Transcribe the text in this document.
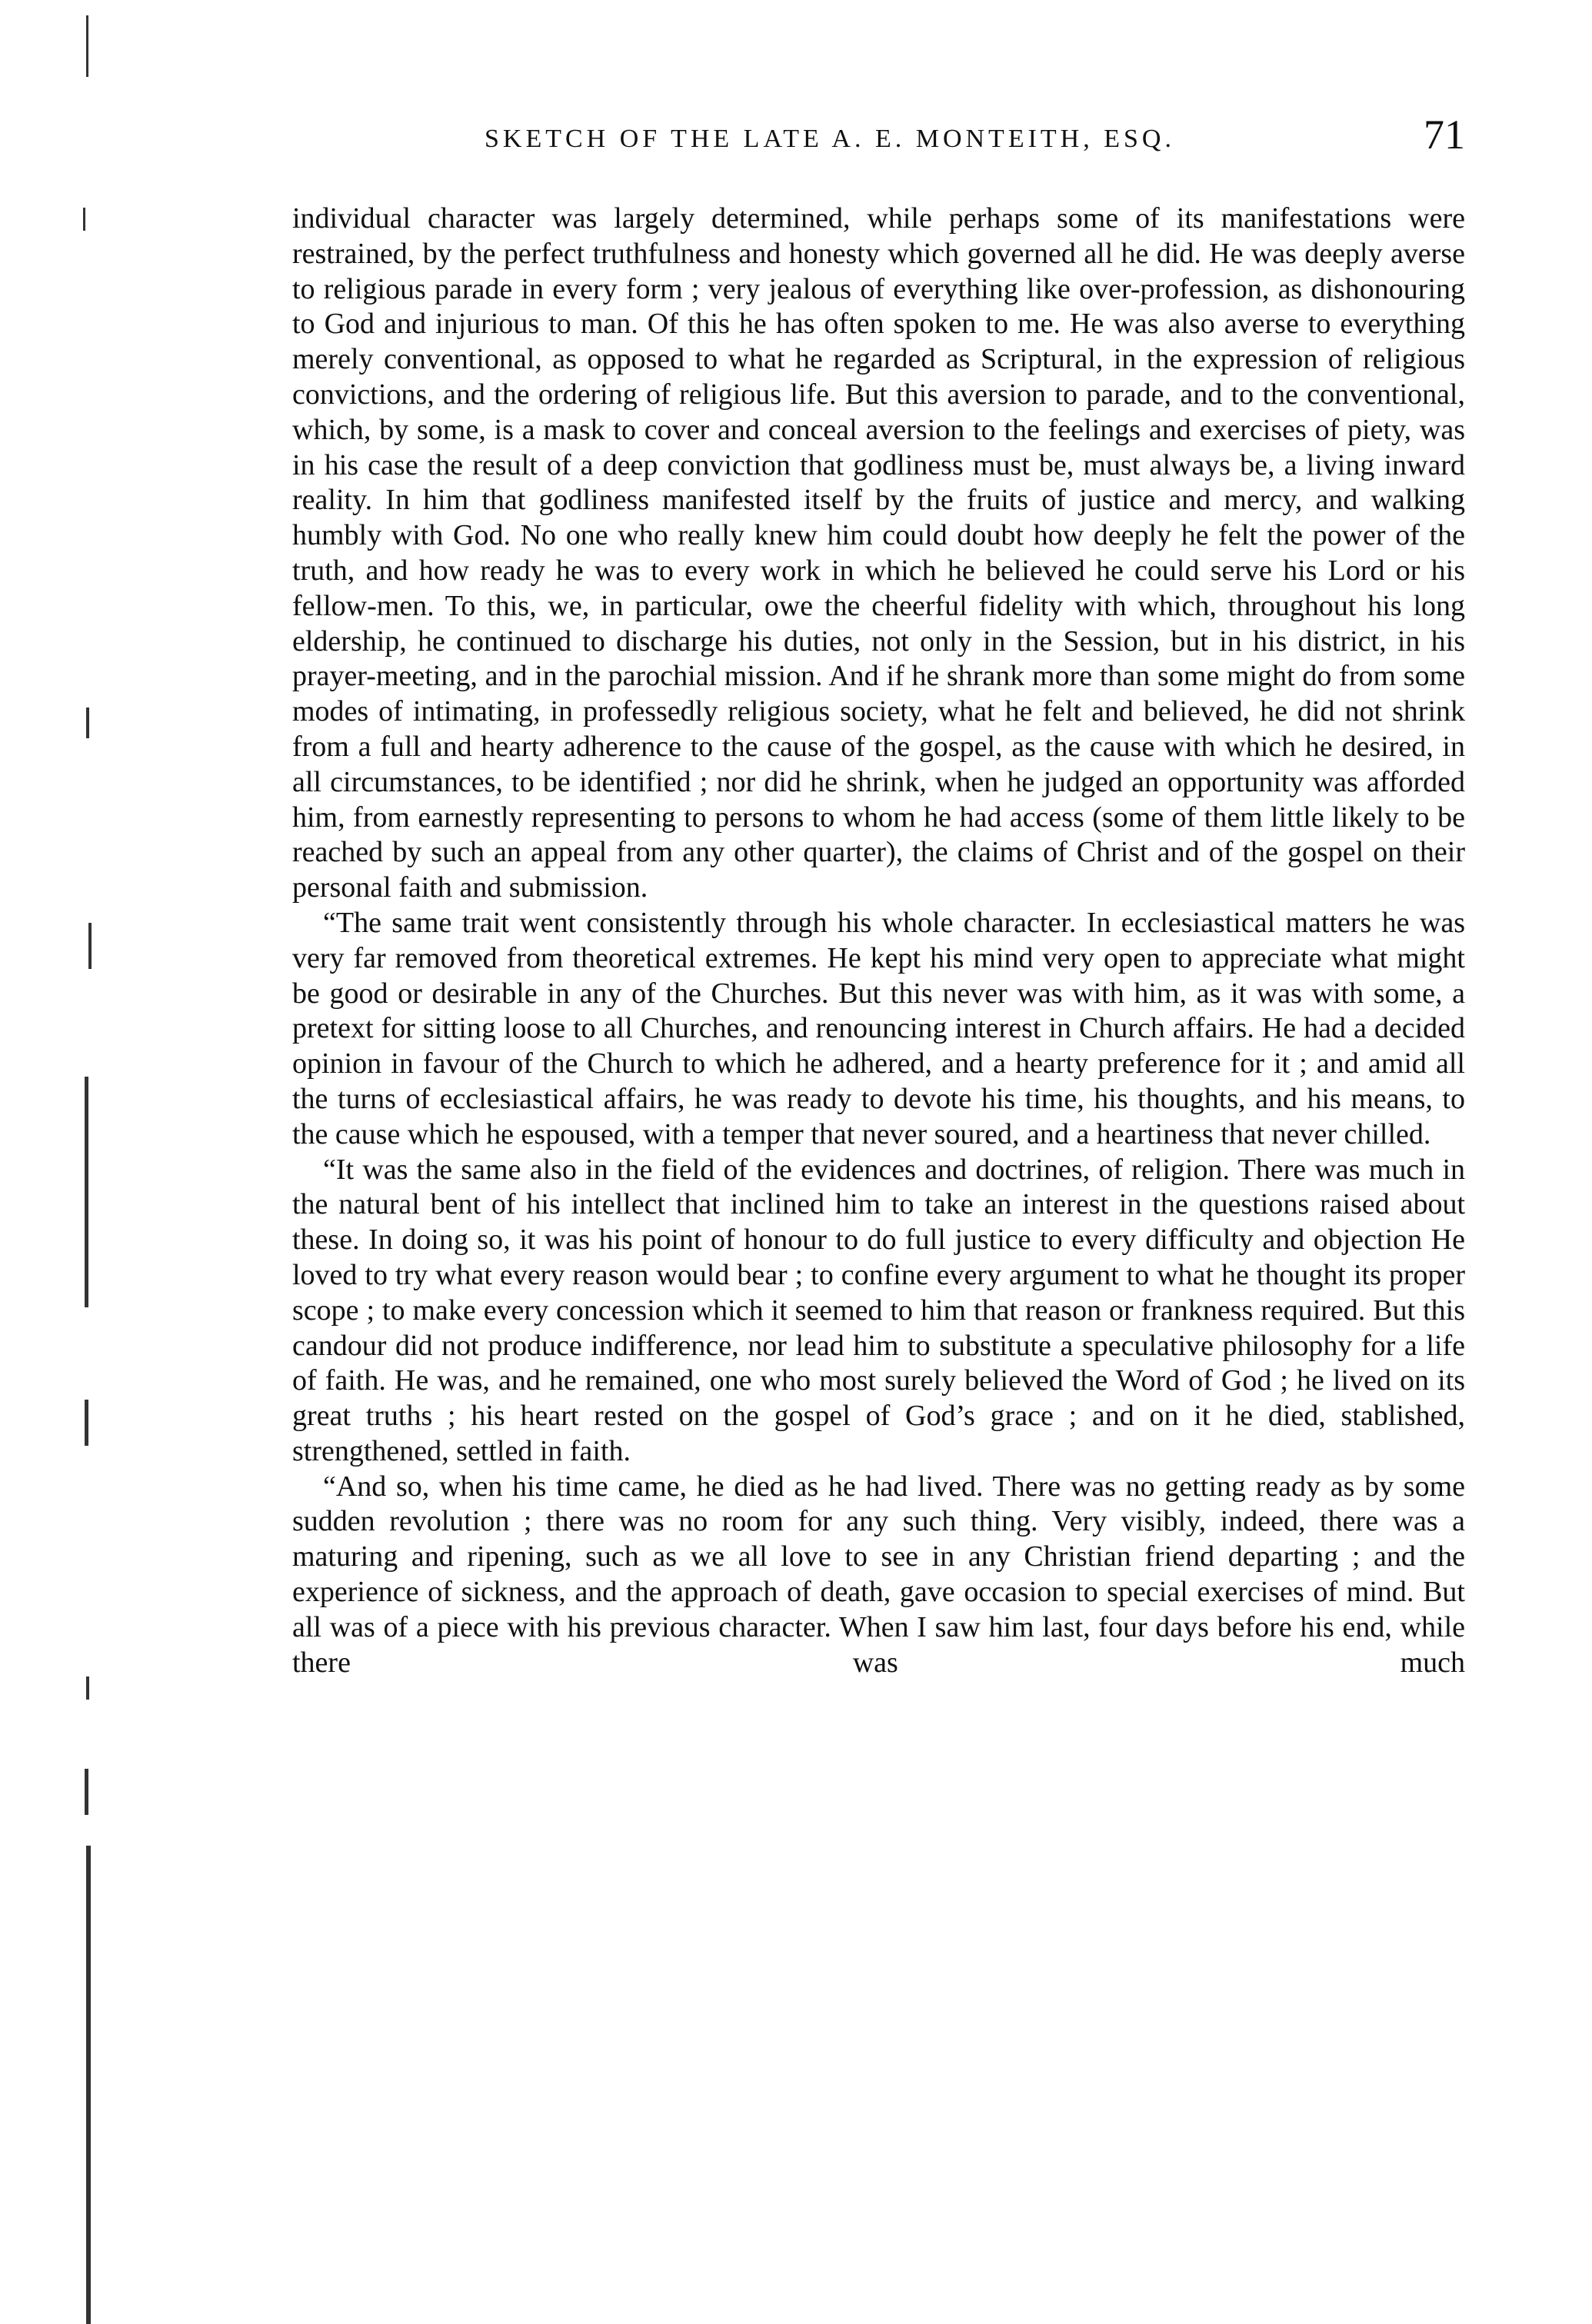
SKETCH OF THE LATE A. E. MONTEITH, ESQ.	71

individual character was largely determined, while perhaps some of its manifestations were restrained, by the perfect truthfulness and honesty which governed all he did. He was deeply averse to religious parade in every form ; very jealous of everything like over-profession, as dishonouring to God and injurious to man. Of this he has often spoken to me. He was also averse to everything merely conventional, as opposed to what he regarded as Scriptural, in the expression of religious convictions, and the ordering of religious life. But this aversion to parade, and to the conventional, which, by some, is a mask to cover and conceal aversion to the feelings and exercises of piety, was in his case the result of a deep conviction that godliness must be, must always be, a living inward reality. In him that godliness manifested itself by the fruits of justice and mercy, and walking humbly with God. No one who really knew him could doubt how deeply he felt the power of the truth, and how ready he was to every work in which he believed he could serve his Lord or his fellow-men. To this, we, in particular, owe the cheerful fidelity with which, throughout his long eldership, he continued to discharge his duties, not only in the Session, but in his district, in his prayer-meeting, and in the parochial mission. And if he shrank more than some might do from some modes of intimating, in professedly religious society, what he felt and believed, he did not shrink from a full and hearty adherence to the cause of the gospel, as the cause with which he desired, in all circumstances, to be identified ; nor did he shrink, when he judged an opportunity was afforded him, from earnestly representing to persons to whom he had access (some of them little likely to be reached by such an appeal from any other quarter), the claims of Christ and of the gospel on their personal faith and submission.

“The same trait went consistently through his whole character. In ecclesiastical matters he was very far removed from theoretical extremes. He kept his mind very open to appreciate what might be good or desirable in any of the Churches. But this never was with him, as it was with some, a pretext for sitting loose to all Churches, and renouncing interest in Church affairs. He had a decided opinion in favour of the Church to which he adhered, and a hearty preference for it ; and amid all the turns of ecclesiastical affairs, he was ready to devote his time, his thoughts, and his means, to the cause which he espoused, with a temper that never soured, and a heartiness that never chilled.

“It was the same also in the field of the evidences and doctrines, of religion. There was much in the natural bent of his intellect that inclined him to take an interest in the questions raised about these. In doing so, it was his point of honour to do full justice to every difficulty and objection He loved to try what every reason would bear ; to confine every argument to what he thought its proper scope ; to make every concession which it seemed to him that reason or frankness required. But this candour did not produce indifference, nor lead him to substitute a speculative philosophy for a life of faith. He was, and he remained, one who most surely believed the Word of God ; he lived on its great truths ; his heart rested on the gospel of God’s grace ; and on it he died, stablished, strengthened, settled in faith.

“And so, when his time came, he died as he had lived. There was no getting ready as by some sudden revolution ; there was no room for any such thing. Very visibly, indeed, there was a maturing and ripening, such as we all love to see in any Christian friend departing ; and the experience of sickness, and the approach of death, gave occasion to special exercises of mind. But all was of a piece with his previous character. When I saw him last, four days before his end, while there was much
